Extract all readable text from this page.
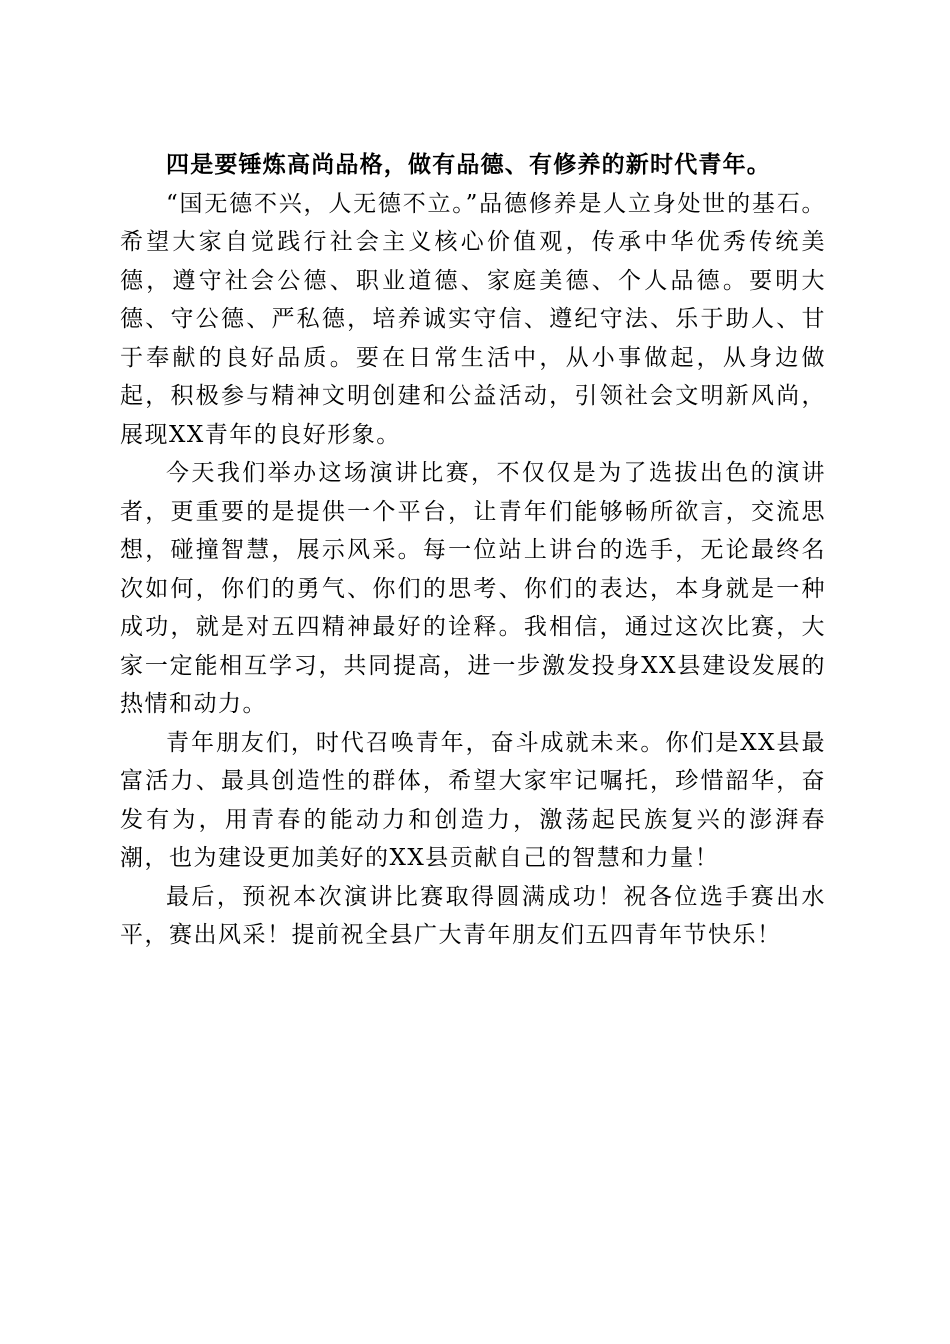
四是要锤炼高尚品格，做有品德、有修养的新时代青年。

“国无德不兴，人无德不立。”品德修养是人立身处世的基石。希望大家自觉践行社会主义核心价值观，传承中华优秀传统美德，遵守社会公德、职业道德、家庭美德、个人品德。要明大德、守公德、严私德，培养诚实守信、遵纪守法、乐于助人、甘于奉献的良好品质。要在日常生活中，从小事做起，从身边做起，积极参与精神文明创建和公益活动，引领社会文明新风尚，展现XX青年的良好形象。

今天我们举办这场演讲比赛，不仅仅是为了选拔出色的演讲者，更重要的是提供一个平台，让青年们能够畅所欲言，交流思想，碰撞智慧，展示风采。每一位站上讲台的选手，无论最终名次如何，你们的勇气、你们的思考、你们的表达，本身就是一种成功，就是对五四精神最好的诠释。我相信，通过这次比赛，大家一定能相互学习，共同提高，进一步激发投身XX县建设发展的热情和动力。

青年朋友们，时代召唤青年，奋斗成就未来。你们是XX县最富活力、最具创造性的群体，希望大家牢记嘱托，珍惜韶华，奋发有为，用青春的能动力和创造力，激荡起民族复兴的澎湃春潮，也为建设更加美好的XX县贡献自己的智慧和力量！

最后，预祝本次演讲比赛取得圆满成功！祝各位选手赛出水平，赛出风采！提前祝全县广大青年朋友们五四青年节快乐！
